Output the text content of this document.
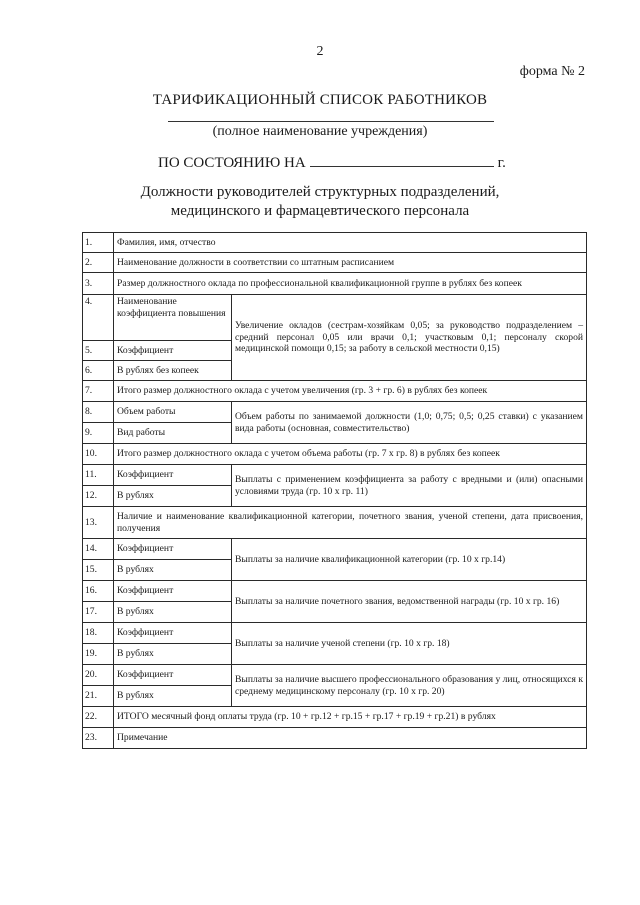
2
форма № 2
ТАРИФИКАЦИОННЫЙ СПИСОК РАБОТНИКОВ
(полное наименование учреждения)
ПО СОСТОЯНИЮ НА	г.
Должности руководителей структурных подразделений,
медицинского и фармацевтического персонала
1.	Фамилия, имя, отчество	
2.	Наименование должности в соответствии со штатным расписанием	
3.	Размер должностного оклада по профессиональной квалификационной группе в рублях без копеек	
4.	Наименование коэффициента повышения	Увеличение окладов (сестрам-хозяйкам 0,05; за руководство подразделением – средний персонал 0,05 или врачи 0,1; участковым 0,1; персоналу скорой медицинской помощи 0,15; за работу в сельской местности 0,15)
5.	Коэффициент	
6.	В рублях без копеек	
7.	Итого размер должностного оклада с учетом увеличения (гр. 3 + гр. 6) в рублях без копеек	
8.	Объем работы	Объем работы по занимаемой должности (1,0; 0,75; 0,5; 0,25 ставки) с указанием вида работы (основная, совместительство)
9.	Вид работы	
10.	Итого размер должностного оклада с учетом объема работы (гр. 7 х гр. 8) в рублях без копеек	
11.	Коэффициент	Выплаты с применением коэффициента за работу с вредными и (или) опасными условиями труда (гр. 10 х гр. 11)
12.	В рублях	
13.	Наличие и наименование квалификационной категории, почетного звания, ученой степени, дата присвоения, получения	
14.	Коэффициент	Выплаты за наличие квалификационной категории (гр. 10 х гр.14)
15.	В рублях	
16.	Коэффициент	Выплаты за наличие почетного звания, ведомственной награды (гр. 10 х гр. 16)
17.	В рублях	
18.	Коэффициент	Выплаты за наличие ученой степени (гр. 10 х гр. 18)
19.	В рублях	
20.	Коэффициент	Выплаты за наличие высшего профессионального образования у лиц, относящихся к среднему медицинскому персоналу (гр. 10 х гр. 20)
21.	В рублях	
22.	ИТОГО месячный фонд оплаты труда (гр. 10 + гр.12 + гр.15 + гр.17 + гр.19 + гр.21) в рублях	
23.	Примечание	
